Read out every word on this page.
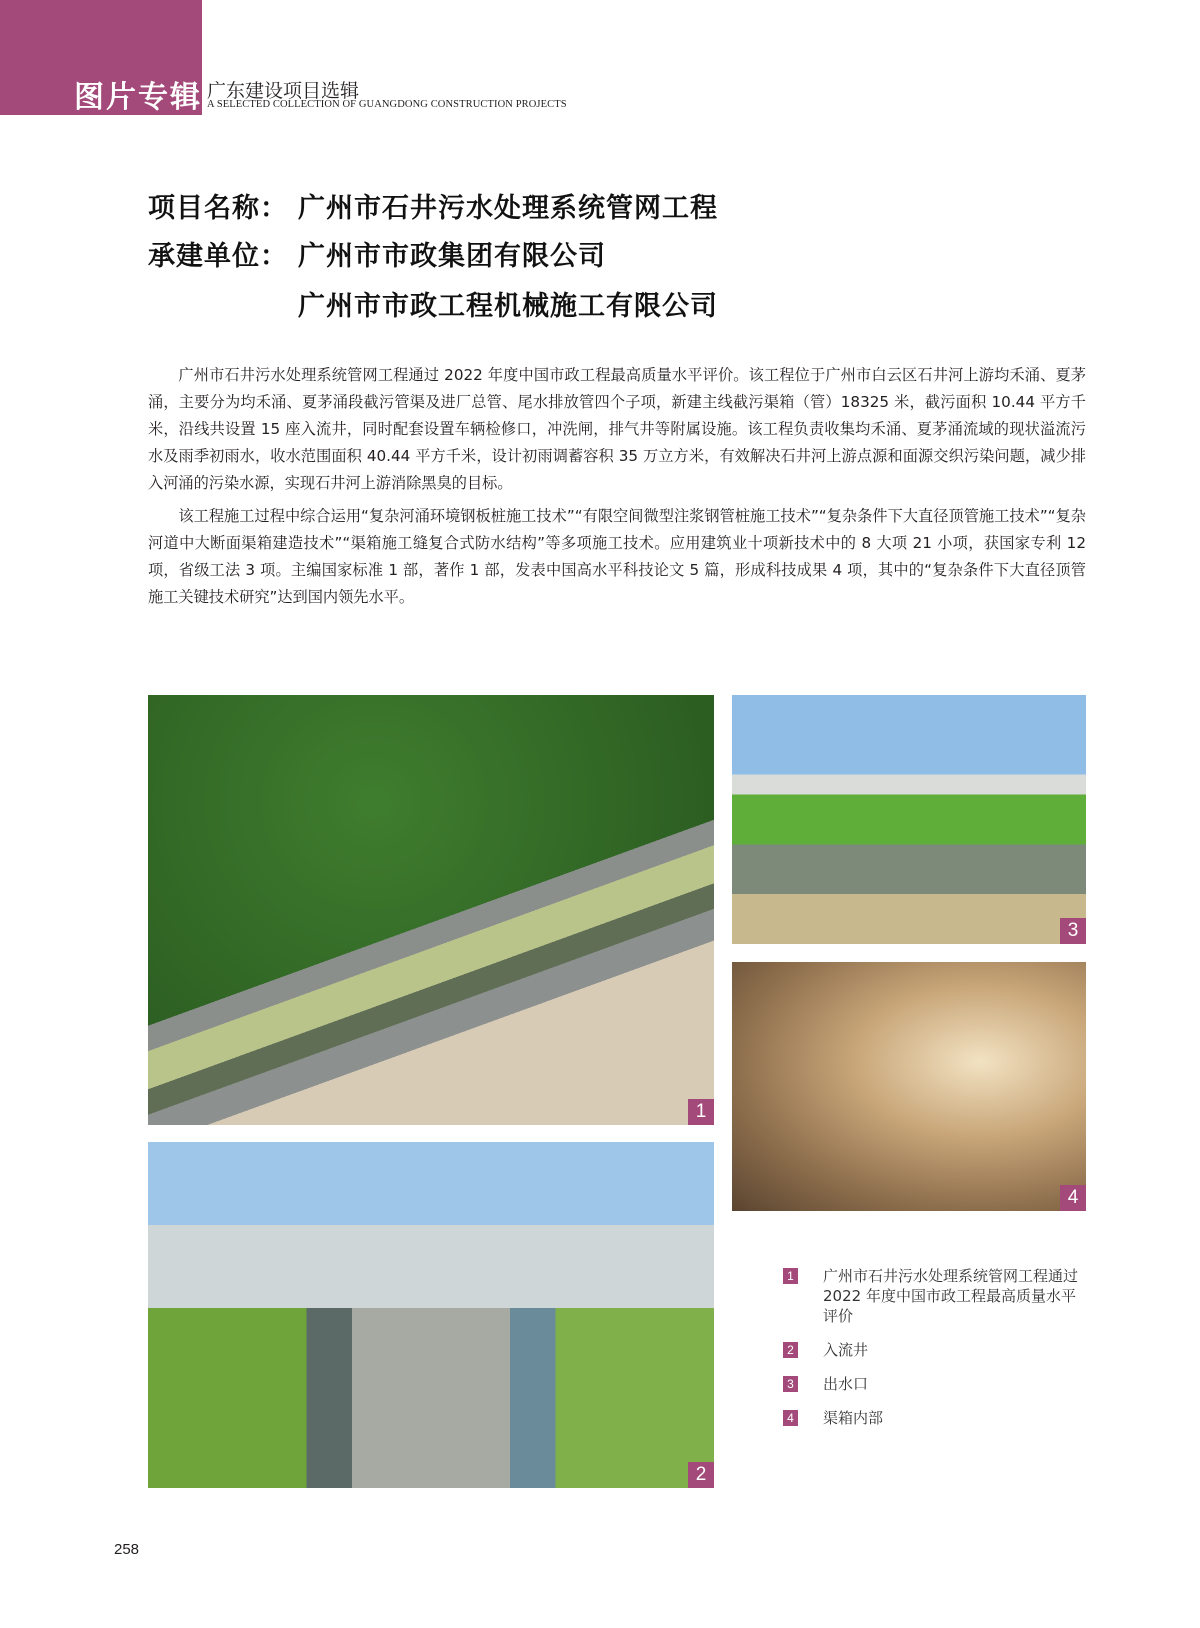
图片专辑 广东建设项目选辑
A SELECTED COLLECTION OF GUANGDONG CONSTRUCTION PROJECTS
项目名称： 广州市石井污水处理系统管网工程
承建单位： 广州市市政集团有限公司
广州市市政工程机械施工有限公司

广州市石井污水处理系统管网工程通过 2022 年度中国市政工程最高质量水平评价。该工程位于广州市白云区石井河上游均禾涌、夏茅涌，主要分为均禾涌、夏茅涌段截污管渠及进厂总管、尾水排放管四个子项，新建主线截污渠箱（管）18325 米，截污面积 10.44 平方千米，沿线共设置 15 座入流井，同时配套设置车辆检修口，冲洗闸，排气井等附属设施。该工程负责收集均禾涌、夏茅涌流域的现状溢流污水及雨季初雨水，收水范围面积 40.44 平方千米，设计初雨调蓄容积 35 万立方米，有效解决石井河上游点源和面源交织污染问题，减少排入河涌的污染水源，实现石井河上游消除黑臭的目标。

该工程施工过程中综合运用“复杂河涌环境钢板桩施工技术”“有限空间微型注浆钢管桩施工技术”“复杂条件下大直径顶管施工技术”“复杂河道中大断面渠箱建造技术”“渠箱施工缝复合式防水结构”等多项施工技术。应用建筑业十项新技术中的 8 大项 21 小项，获国家专利 12 项，省级工法 3 项。主编国家标准 1 部，著作 1 部，发表中国高水平科技论文 5 篇，形成科技成果 4 项，其中的“复杂条件下大直径顶管施工关键技术研究”达到国内领先水平。

1
3
4
2
1 广州市石井污水处理系统管网工程通过 2022 年度中国市政工程最高质量水平评价
2 入流井
3 出水口
4 渠箱内部
258
